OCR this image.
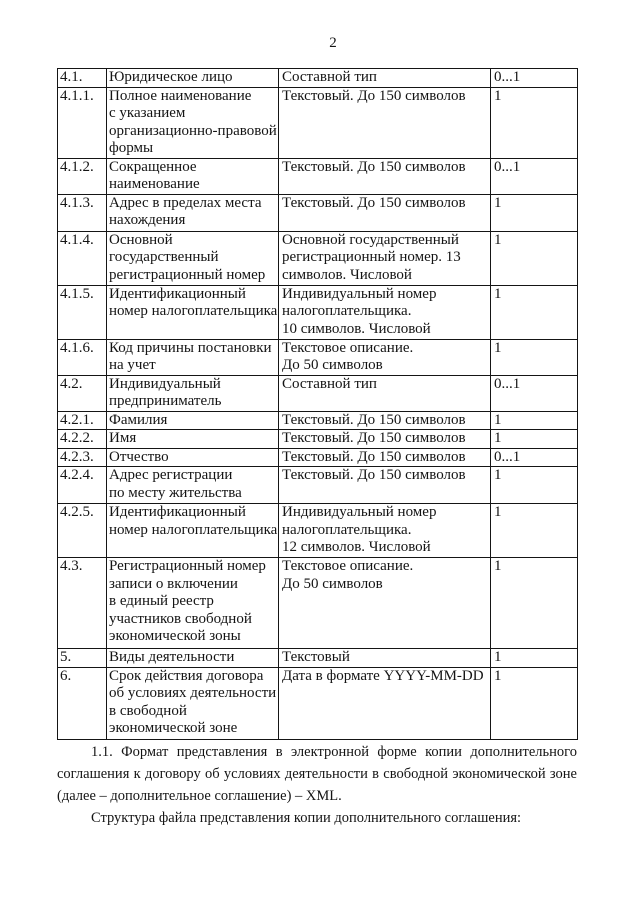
2
4.1.	Юридическое лицо	Составной тип	0...1
4.1.1.	Полное наименование
с указанием
организационно-правовой
формы	Текстовый. До 150 символов	1
4.1.2.	Сокращенное
наименование	Текстовый. До 150 символов	0...1
4.1.3.	Адрес в пределах места
нахождения	Текстовый. До 150 символов	1
4.1.4.	Основной
государственный
регистрационный номер	Основной государственный
регистрационный номер. 13
символов. Числовой	1
4.1.5.	Идентификационный
номер налогоплательщика	Индивидуальный номер
налогоплательщика.
10 символов. Числовой	1
4.1.6.	Код причины постановки
на учет	Текстовое описание.
До 50 символов	1
4.2.	Индивидуальный
предприниматель	Составной тип	0...1
4.2.1.	Фамилия	Текстовый. До 150 символов	1
4.2.2.	Имя	Текстовый. До 150 символов	1
4.2.3.	Отчество	Текстовый. До 150 символов	0...1
4.2.4.	Адрес регистрации
по месту жительства	Текстовый. До 150 символов	1
4.2.5.	Идентификационный
номер налогоплательщика	Индивидуальный номер
налогоплательщика.
12 символов. Числовой	1
4.3.	Регистрационный номер
записи о включении
в единый реестр
участников свободной
экономической зоны	Текстовое описание.
До 50 символов	1
5.	Виды деятельности	Текстовый	1
6.	Срок действия договора
об условиях деятельности
в свободной
экономической зоне	Дата в формате YYYY-MM-DD	1
1.1. Формат представления в электронной форме копии дополнительного
соглашения к договору об условиях деятельности в свободной экономической зоне
(далее – дополнительное соглашение) – XML.
Структура файла представления копии дополнительного соглашения:
